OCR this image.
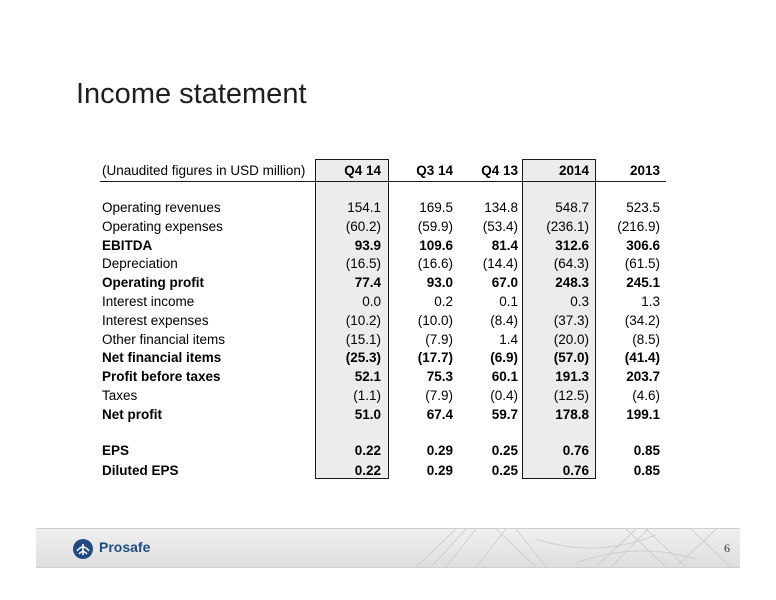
Income statement
(Unaudited figures in USD million)	Q4 14	Q3 14	Q4 13	2014	2013
Operating revenues	154.1	169.5	134.8	548.7	523.5
Operating expenses	(60.2)	(59.9)	(53.4)	(236.1)	(216.9)
EBITDA	93.9	109.6	81.4	312.6	306.6
Depreciation	(16.5)	(16.6)	(14.4)	(64.3)	(61.5)
Operating profit	77.4	93.0	67.0	248.3	245.1
Interest income	0.0	0.2	0.1	0.3	1.3
Interest expenses	(10.2)	(10.0)	(8.4)	(37.3)	(34.2)
Other financial items	(15.1)	(7.9)	1.4	(20.0)	(8.5)
Net financial items	(25.3)	(17.7)	(6.9)	(57.0)	(41.4)
Profit before taxes	52.1	75.3	60.1	191.3	203.7
Taxes	(1.1)	(7.9)	(0.4)	(12.5)	(4.6)
Net profit	51.0	67.4	59.7	178.8	199.1
EPS	0.22	0.29	0.25	0.76	0.85
Diluted EPS	0.22	0.29	0.25	0.76	0.85
Prosafe	6
